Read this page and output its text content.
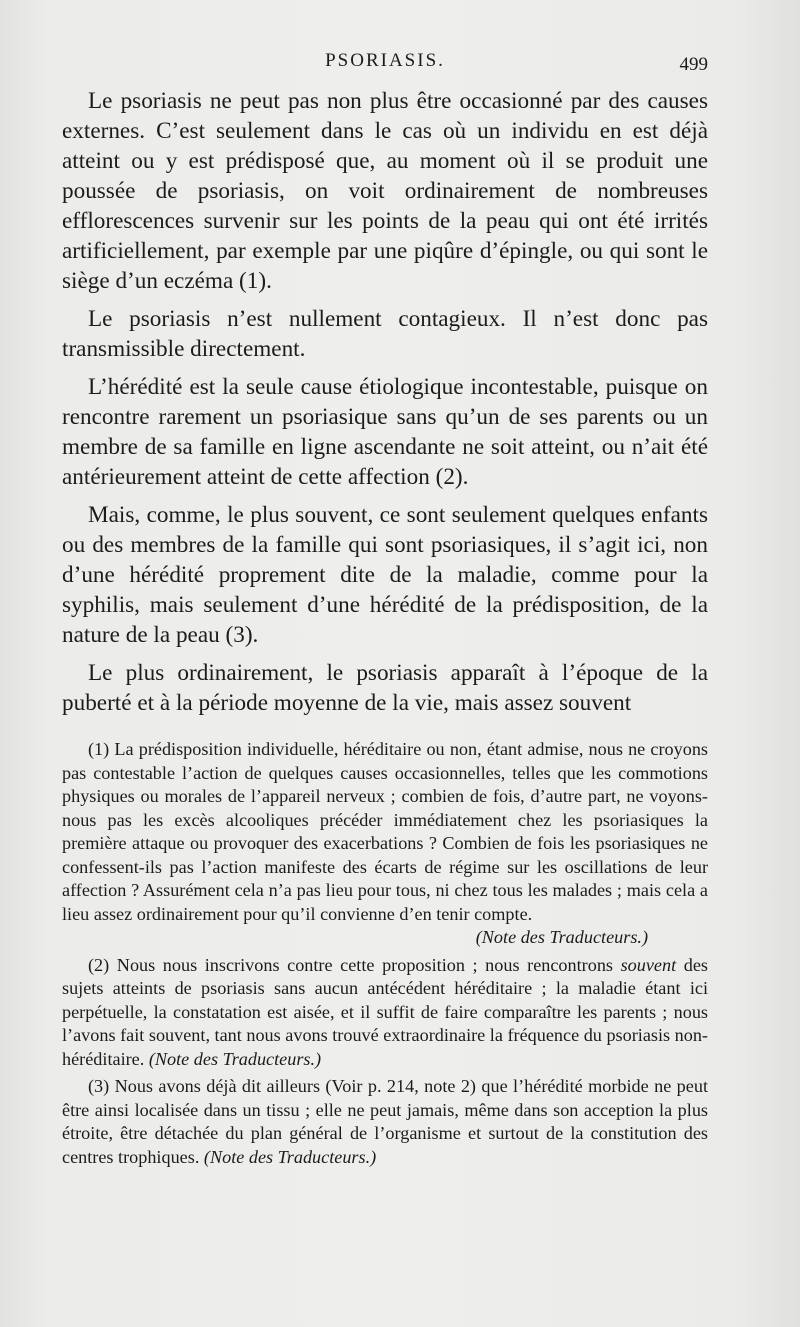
PSORIASIS.	499

Le psoriasis ne peut pas non plus être occasionné par des causes externes. C’est seulement dans le cas où un individu en est déjà atteint ou y est prédisposé que, au moment où il se produit une poussée de psoriasis, on voit ordinairement de nombreuses efflorescences survenir sur les points de la peau qui ont été irrités artificiellement, par exemple par une piqûre d’épingle, ou qui sont le siège d’un eczéma (1).

Le psoriasis n’est nullement contagieux. Il n’est donc pas transmissible directement.

L’hérédité est la seule cause étiologique incontestable, puisque on rencontre rarement un psoriasique sans qu’un de ses parents ou un membre de sa famille en ligne ascendante ne soit atteint, ou n’ait été antérieurement atteint de cette affection (2).

Mais, comme, le plus souvent, ce sont seulement quelques enfants ou des membres de la famille qui sont psoriasiques, il s’agit ici, non d’une hérédité proprement dite de la maladie, comme pour la syphilis, mais seulement d’une hérédité de la prédisposition, de la nature de la peau (3).

Le plus ordinairement, le psoriasis apparaît à l’époque de la puberté et à la période moyenne de la vie, mais assez souvent

(1) La prédisposition individuelle, héréditaire ou non, étant admise, nous ne croyons pas contestable l’action de quelques causes occasionnelles, telles que les commotions physiques ou morales de l’appareil nerveux ; combien de fois, d’autre part, ne voyons-nous pas les excès alcooliques précéder immédiatement chez les psoriasiques la première attaque ou provoquer des exacerbations ? Combien de fois les psoriasiques ne confessent-ils pas l’action manifeste des écarts de régime sur les oscillations de leur affection ? Assurément cela n’a pas lieu pour tous, ni chez tous les malades ; mais cela a lieu assez ordinairement pour qu’il convienne d’en tenir compte.

(Note des Traducteurs.)

(2) Nous nous inscrivons contre cette proposition ; nous rencontrons souvent des sujets atteints de psoriasis sans aucun antécédent héréditaire ; la maladie étant ici perpétuelle, la constatation est aisée, et il suffit de faire comparaître les parents ; nous l’avons fait souvent, tant nous avons trouvé extraordinaire la fréquence du psoriasis non-héréditaire. (Note des Traducteurs.)

(3) Nous avons déjà dit ailleurs (Voir p. 214, note 2) que l’hérédité morbide ne peut être ainsi localisée dans un tissu ; elle ne peut jamais, même dans son acception la plus étroite, être détachée du plan général de l’organisme et surtout de la constitution des centres trophiques. (Note des Traducteurs.)
